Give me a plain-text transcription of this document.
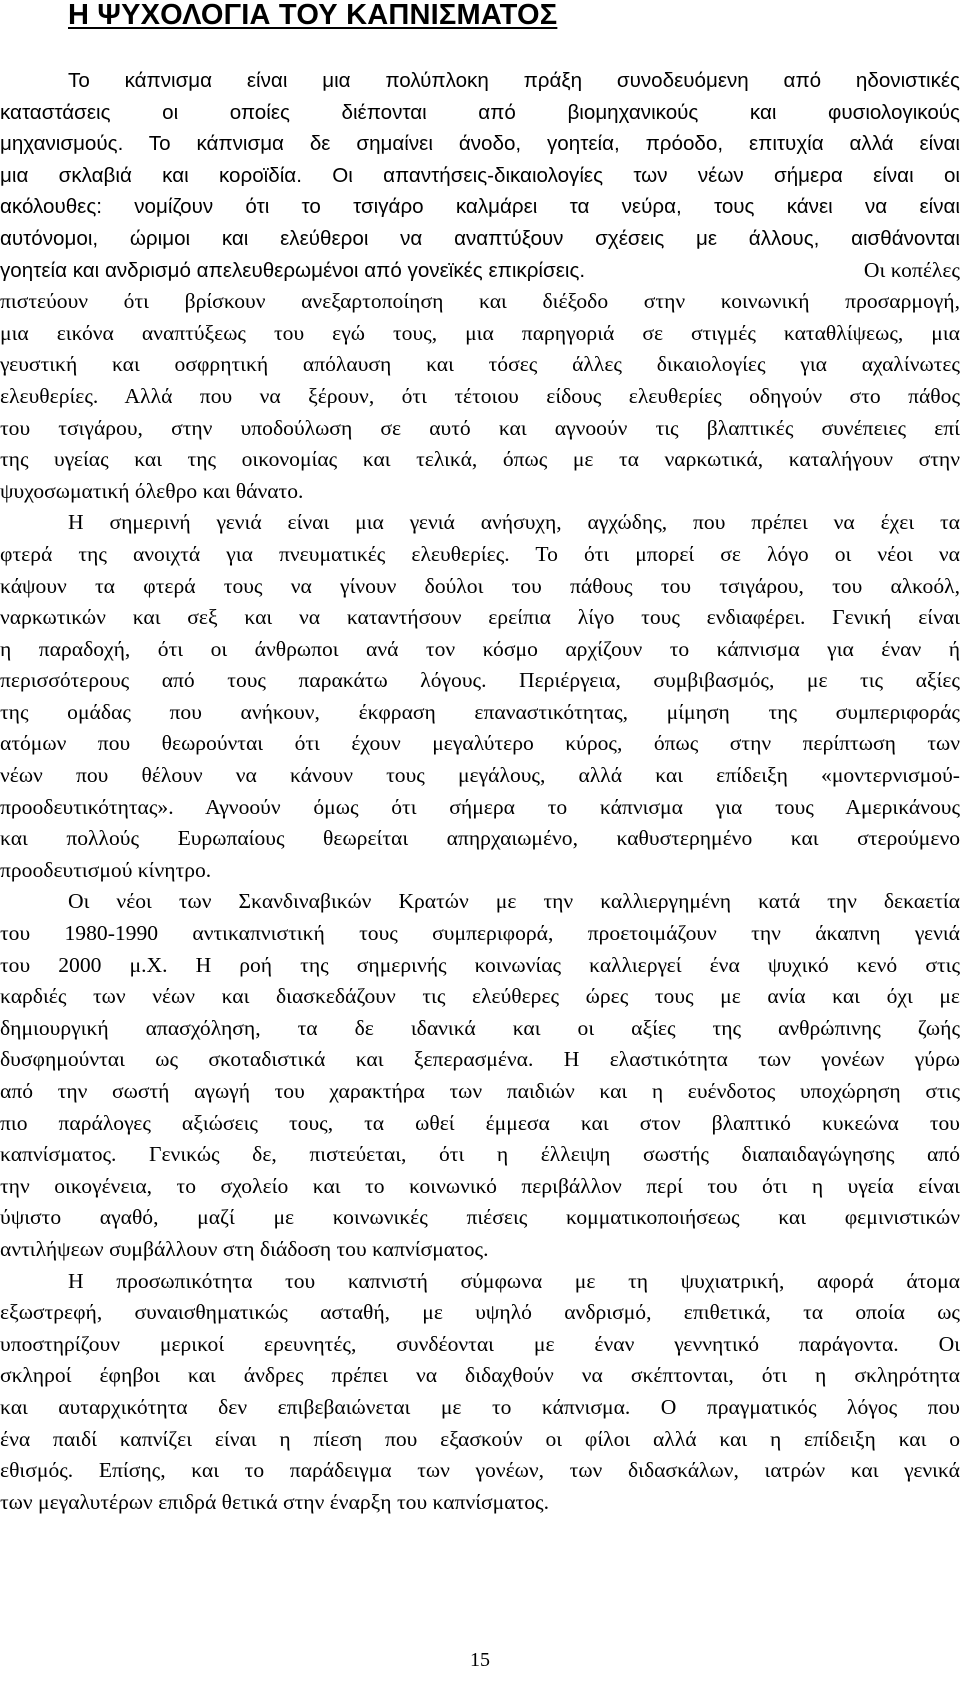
Η ΨΥΧΟΛΟΓΙΑ ΤΟΥ ΚΑΠΝΙΣΜΑΤΟΣ
Το κάπνισμα είναι μια πολύπλοκη πράξη συνοδευόμενη από ηδονιστικές
καταστάσεις οι οποίες διέπονται από βιομηχανικούς και φυσιολογικούς
μηχανισμούς. Το κάπνισμα δε σημαίνει άνοδο, γοητεία, πρόοδο, επιτυχία αλλά είναι
μια σκλαβιά και κοροϊδία. Οι απαντήσεις-δικαιολογίες των νέων σήμερα είναι οι
ακόλουθες: νομίζουν ότι το τσιγάρο καλμάρει τα νεύρα, τους κάνει να είναι
αυτόνομοι, ώριμοι και ελεύθεροι να αναπτύξουν σχέσεις με άλλους, αισθάνονται
γοητεία και ανδρισμό απελευθερωμένοι από γονεϊκές επικρίσεις.	Οι κοπέλες
πιστεύουν ότι βρίσκουν ανεξαρτοποίηση και διέξοδο στην κοινωνική προσαρμογή,
μια εικόνα αναπτύξεως του εγώ τους, μια παρηγοριά σε στιγμές καταθλίψεως, μια
γευστική και οσφρητική απόλαυση και τόσες άλλες δικαιολογίες για αχαλίνωτες
ελευθερίες. Αλλά που να ξέρουν, ότι τέτοιου είδους ελευθερίες οδηγούν στο πάθος
του τσιγάρου, στην υποδούλωση σε αυτό και αγνοούν τις βλαπτικές συνέπειες επί
της υγείας και της οικονομίας και τελικά, όπως με τα ναρκωτικά, καταλήγουν στην
ψυχοσωματική όλεθρο και θάνατο.
Η σημερινή γενιά είναι μια γενιά ανήσυχη, αγχώδης, που πρέπει να έχει τα
φτερά της ανοιχτά για πνευματικές ελευθερίες. Το ότι μπορεί σε λόγο οι νέοι να
κάψουν τα φτερά τους να γίνουν δούλοι του πάθους του τσιγάρου, του αλκοόλ,
ναρκωτικών και σεξ και να καταντήσουν ερείπια λίγο τους ενδιαφέρει. Γενική είναι
η παραδοχή, ότι οι άνθρωποι ανά τον κόσμο αρχίζουν το κάπνισμα για έναν ή
περισσότερους από τους παρακάτω λόγους. Περιέργεια, συμβιβασμός, με τις αξίες
της ομάδας που ανήκουν, έκφραση επαναστικότητας, μίμηση της συμπεριφοράς
ατόμων που θεωρούνται ότι έχουν μεγαλύτερο κύρος, όπως στην περίπτωση των
νέων που θέλουν να κάνουν τους μεγάλους, αλλά και επίδειξη «μοντερνισμού-
προοδευτικότητας». Αγνοούν όμως ότι σήμερα το κάπνισμα για τους Αμερικάνους
και πολλούς Ευρωπαίους θεωρείται απηρχαιωμένο, καθυστερημένο και στερούμενο
προοδευτισμού κίνητρο.
Οι νέοι των Σκανδιναβικών Κρατών με την καλλιεργημένη κατά την δεκαετία
του 1980-1990 αντικαπνιστική τους συμπεριφορά, προετοιμάζουν την άκαπνη γενιά
του 2000 μ.Χ. Η ροή της σημερινής κοινωνίας καλλιεργεί ένα ψυχικό κενό στις
καρδιές των νέων και διασκεδάζουν τις ελεύθερες ώρες τους με ανία και όχι με
δημιουργική απασχόληση, τα δε ιδανικά και οι αξίες της ανθρώπινης ζωής
δυσφημούνται ως σκοταδιστικά και ξεπερασμένα. Η ελαστικότητα των γονέων γύρω
από την σωστή αγωγή του χαρακτήρα των παιδιών και η ευένδοτος υποχώρηση στις
πιο παράλογες αξιώσεις τους, τα ωθεί έμμεσα και στον βλαπτικό κυκεώνα του
καπνίσματος. Γενικώς δε, πιστεύεται, ότι η έλλειψη σωστής διαπαιδαγώγησης από
την οικογένεια, το σχολείο και το κοινωνικό περιβάλλον περί του ότι η υγεία είναι
ύψιστο αγαθό, μαζί με κοινωνικές πιέσεις κομματικοποιήσεως και φεμινιστικών
αντιλήψεων συμβάλλουν στη διάδοση του καπνίσματος.
Η προσωπικότητα του καπνιστή σύμφωνα με τη ψυχιατρική, αφορά άτομα
εξωστρεφή, συναισθηματικώς ασταθή, με υψηλό ανδρισμό, επιθετικά, τα οποία ως
υποστηρίζουν μερικοί ερευνητές, συνδέονται με έναν γεννητικό παράγοντα. Οι
σκληροί έφηβοι και άνδρες πρέπει να διδαχθούν να σκέπτονται, ότι η σκληρότητα
και αυταρχικότητα δεν επιβεβαιώνεται με το κάπνισμα. Ο πραγματικός λόγος που
ένα παιδί καπνίζει είναι η πίεση που εξασκούν οι φίλοι αλλά και η επίδειξη και ο
εθισμός. Επίσης, και το παράδειγμα των γονέων, των διδασκάλων, ιατρών και γενικά
των μεγαλυτέρων επιδρά θετικά στην έναρξη του καπνίσματος.
15
